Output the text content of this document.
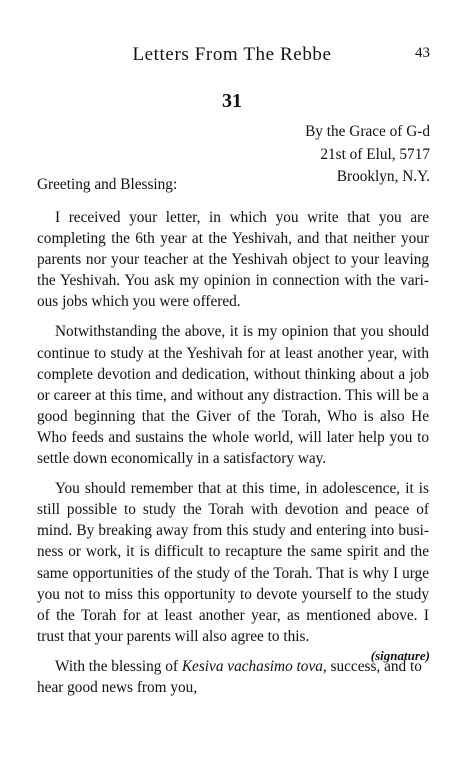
Letters From The Rebbe	43
31
By the Grace of G-d
21st of Elul, 5717
Brooklyn, N.Y.
Greeting and Blessing:

I received your letter, in which you write that you are completing the 6th year at the Yeshivah, and that neither your parents nor your teacher at the Yeshivah object to your leaving the Yeshivah. You ask my opinion in connection with the various jobs which you were offered.

Notwithstanding the above, it is my opinion that you should continue to study at the Yeshivah for at least another year, with complete devotion and dedication, without thinking about a job or career at this time, and without any distraction. This will be a good beginning that the Giver of the Torah, Who is also He Who feeds and sustains the whole world, will later help you to settle down economically in a satisfactory way.

You should remember that at this time, in adolescence, it is still possible to study the Torah with devotion and peace of mind. By breaking away from this study and entering into business or work, it is difficult to recapture the same spirit and the same opportunities of the study of the Torah. That is why I urge you not to miss this opportunity to devote yourself to the study of the Torah for at least another year, as mentioned above. I trust that your parents will also agree to this.

With the blessing of Kesiva vachasimo tova, success, and to hear good news from you,

(signature)
